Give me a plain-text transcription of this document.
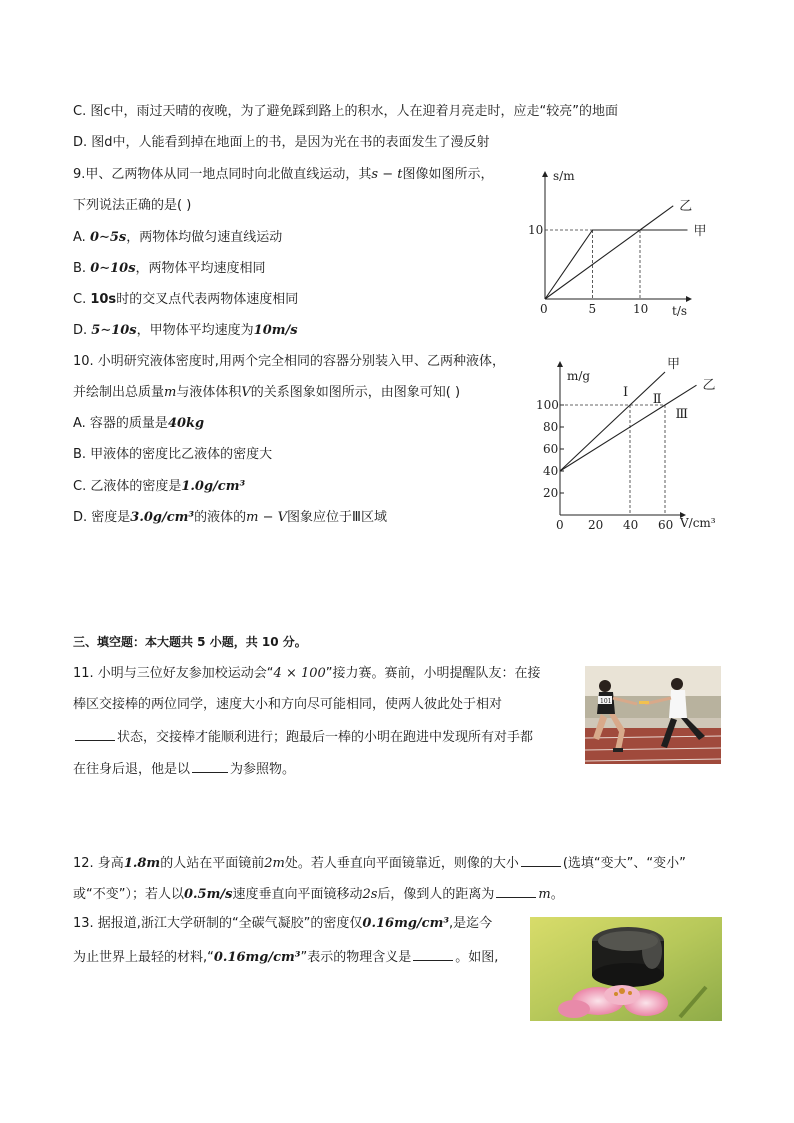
C. 图c中，雨过天晴的夜晚，为了避免踩到路上的积水，人在迎着月亮走时，应走“较亮”的地面
D. 图d中，人能看到掉在地面上的书，是因为光在书的表面发生了漫反射
9.甲、乙两物体从同一地点同时向北做直线运动，其s − t图像如图所示，
下列说法正确的是( )
A. 0∼5s，两物体均做匀速直线运动
B. 0∼10s，两物体平均速度相同
C. 10s时的交叉点代表两物体速度相同
D. 5∼10s，甲物体平均速度为10m/s
甲
乙
0	5	10
10
t/s
s/m
10. 小明研究液体密度时,用两个完全相同的容器分别装入甲、乙两种液体，
并绘制出总质量m与液体体积V的关系图象如图所示，由图象可知( )
A. 容器的质量是40kg
B. 甲液体的密度比乙液体的密度大
C. 乙液体的密度是1.0g/cm³
D. 密度是3.0g/cm³的液体的m − V图象应位于Ⅲ区域
20
40
60
80
100
0 20 40 60
甲
乙
Ⅰ Ⅱ
Ⅲ
m/g
V/cm³
三、填空题：本大题共 5 小题，共 10 分。
11. 小明与三位好友参加校运动会“4 × 100”接力赛。赛前，小明提醒队友：在接
棒区交接棒的两位同学，速度大小和方向尽可能相同，使两人彼此处于相对
状态，交接棒才能顺利进行；跑最后一棒的小明在跑进中发现所有对手都
在往身后退，他是以	为参照物。
101
12. 身高1.8m的人站在平面镜前2m处。若人垂直向平面镜靠近，则像的大小	(选填“变大”、“变小”
或“不变”）；若人以0.5m/s速度垂直向平面镜移动2s后，像到人的距离为	m。
13. 据报道,浙江大学研制的“全碳气凝胶”的密度仅0.16mg/cm³,是迄今
为止世界上最轻的材料,“0.16mg/cm³”表示的物理含义是	。如图,
